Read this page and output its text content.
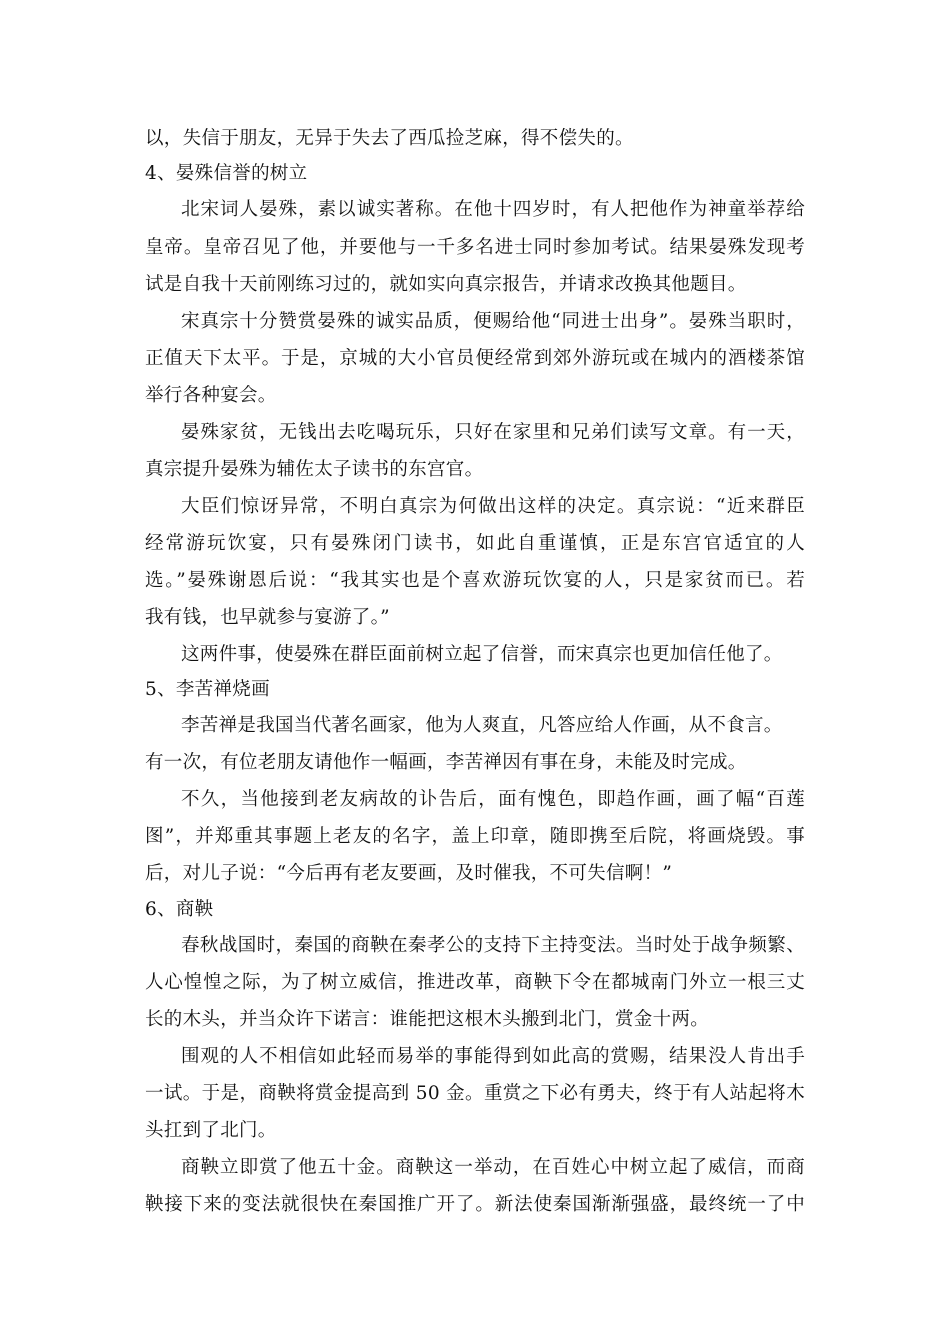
以，失信于朋友，无异于失去了西瓜捡芝麻，得不偿失的。
4、晏殊信誉的树立
北宋词人晏殊，素以诚实著称。在他十四岁时，有人把他作为神童举荐给
皇帝。皇帝召见了他，并要他与一千多名进士同时参加考试。结果晏殊发现考
试是自我十天前刚练习过的，就如实向真宗报告，并请求改换其他题目。
宋真宗十分赞赏晏殊的诚实品质，便赐给他“同进士出身”。晏殊当职时，
正值天下太平。于是，京城的大小官员便经常到郊外游玩或在城内的酒楼茶馆
举行各种宴会。
晏殊家贫，无钱出去吃喝玩乐，只好在家里和兄弟们读写文章。有一天，
真宗提升晏殊为辅佐太子读书的东宫官。
大臣们惊讶异常，不明白真宗为何做出这样的决定。真宗说：“近来群臣
经常游玩饮宴，只有晏殊闭门读书，如此自重谨慎，正是东宫官适宜的人
选。”晏殊谢恩后说：“我其实也是个喜欢游玩饮宴的人，只是家贫而已。若
我有钱，也早就参与宴游了。”
这两件事，使晏殊在群臣面前树立起了信誉，而宋真宗也更加信任他了。
5、李苦禅烧画
李苦禅是我国当代著名画家，他为人爽直，凡答应给人作画，从不食言。
有一次，有位老朋友请他作一幅画，李苦禅因有事在身，未能及时完成。
不久，当他接到老友病故的讣告后，面有愧色，即趋作画，画了幅“百莲
图”，并郑重其事题上老友的名字，盖上印章，随即携至后院，将画烧毁。事
后，对儿子说：“今后再有老友要画，及时催我，不可失信啊！”
6、商鞅
春秋战国时，秦国的商鞅在秦孝公的支持下主持变法。当时处于战争频繁、
人心惶惶之际，为了树立威信，推进改革，商鞅下令在都城南门外立一根三丈
长的木头，并当众许下诺言：谁能把这根木头搬到北门，赏金十两。
围观的人不相信如此轻而易举的事能得到如此高的赏赐，结果没人肯出手
一试。于是，商鞅将赏金提高到 50 金。重赏之下必有勇夫，终于有人站起将木
头扛到了北门。
商鞅立即赏了他五十金。商鞅这一举动，在百姓心中树立起了威信，而商
鞅接下来的变法就很快在秦国推广开了。新法使秦国渐渐强盛，最终统一了中
